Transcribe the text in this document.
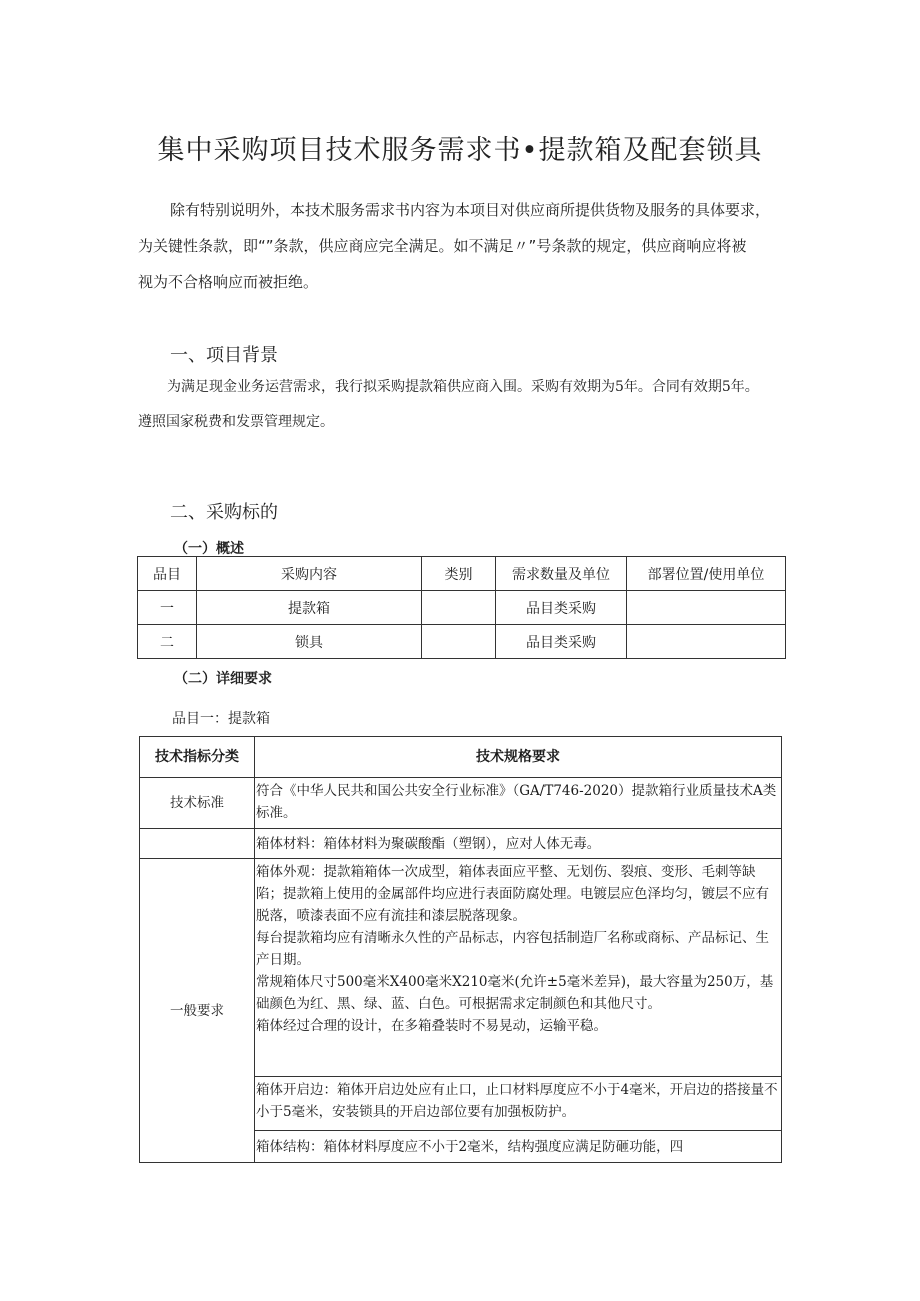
集中采购项目技术服务需求书•提款箱及配套锁具
除有特别说明外，本技术服务需求书内容为本项目对供应商所提供货物及服务的具体要求，
为关键性条款，即“”条款，供应商应完全满足。如不满足〃”号条款的规定，供应商响应将被
视为不合格响应而被拒绝。
一、项目背景
为满足现金业务运营需求，我行拟采购提款箱供应商入围。采购有效期为5年。合同有效期5年。
遵照国家税费和发票管理规定。
二、采购标的
（一）概述
品目	采购内容	类别	需求数量及单位	部署位置/使用单位
一	提款箱		品目类采购	
二	锁具		品目类采购	
（二）详细要求
品目一：提款箱
技术指标分类	技术规格要求
技术标准	符合《中华人民共和国公共安全行业标准》（GA/T746-2020）提款箱行业质量技术A类标准。
	箱体材料：箱体材料为聚碳酸酯（塑钢），应对人体无毒。
一般要求	箱体外观：提款箱箱体一次成型，箱体表面应平整、无划伤、裂痕、变形、毛刺等缺陷；提款箱上使用的金属部件均应进行表面防腐处理。电镀层应色泽均匀，镀层不应有脱落，喷漆表面不应有流挂和漆层脱落现象。

每台提款箱均应有清晰永久性的产品标志，内容包括制造厂名称或商标、产品标记、生产日期。

常规箱体尺寸500毫米X400毫米X210毫米(允许±5毫米差异)，最大容量为250万，基础颜色为红、黑、绿、蓝、白色。可根据需求定制颜色和其他尺寸。

箱体经过合理的设计，在多箱叠装时不易晃动，运输平稳。

	箱体开启边：箱体开启边处应有止口，止口材料厚度应不小于4毫米，开启边的搭接量不小于5毫米，安装锁具的开启边部位要有加强板防护。
	箱体结构：箱体材料厚度应不小于2毫米，结构强度应满足防砸功能，四
